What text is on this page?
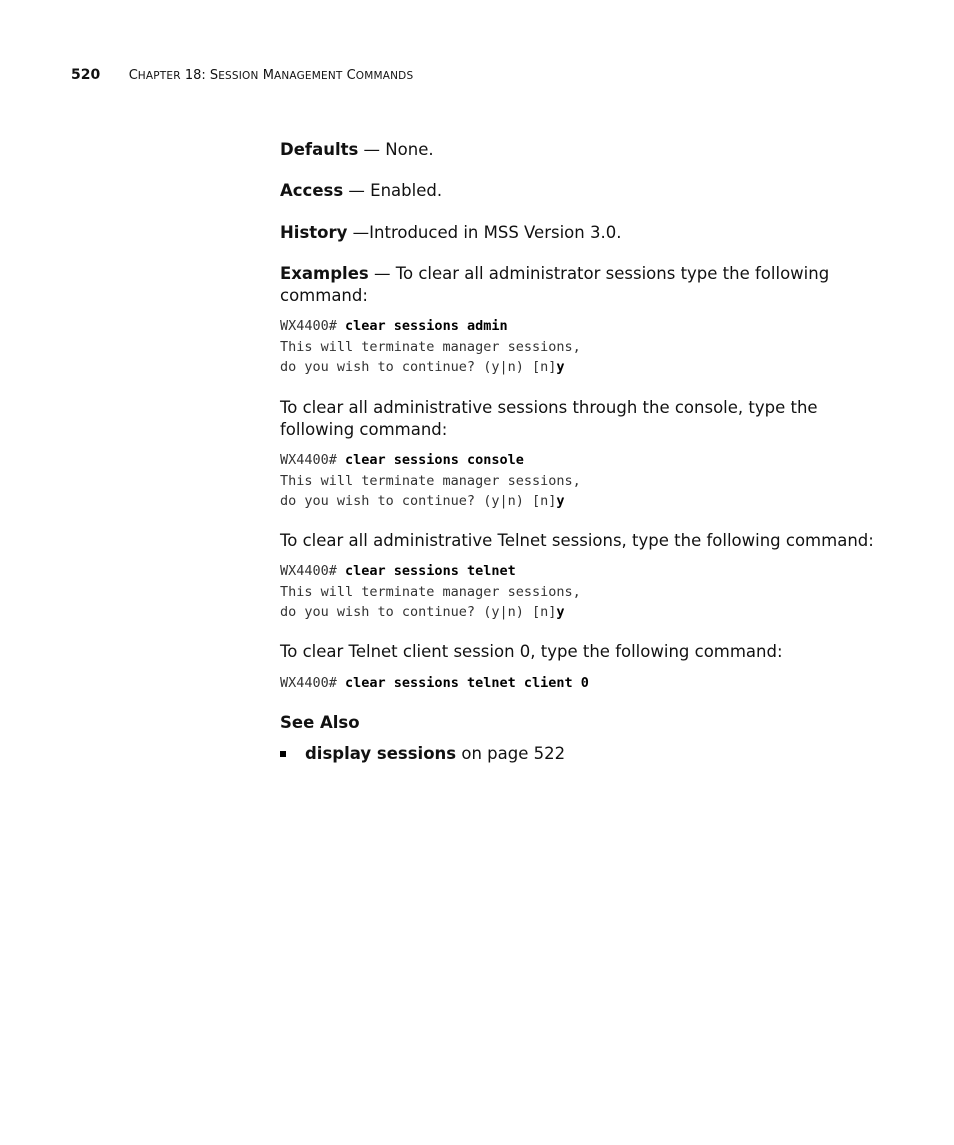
520 CHAPTER 18: SESSION MANAGEMENT COMMANDS
Defaults — None.
Access — Enabled.
History —Introduced in MSS Version 3.0.
Examples — To clear all administrator sessions type the following
command:
WX4400# clear sessions admin
This will terminate manager sessions,
do you wish to continue? (y|n) [n]y
To clear all administrative sessions through the console, type the
following command:
WX4400# clear sessions console
This will terminate manager sessions,
do you wish to continue? (y|n) [n]y
To clear all administrative Telnet sessions, type the following command:
WX4400# clear sessions telnet
This will terminate manager sessions,
do you wish to continue? (y|n) [n]y
To clear Telnet client session 0, type the following command:
WX4400# clear sessions telnet client 0
See Also
display sessions on page 522
